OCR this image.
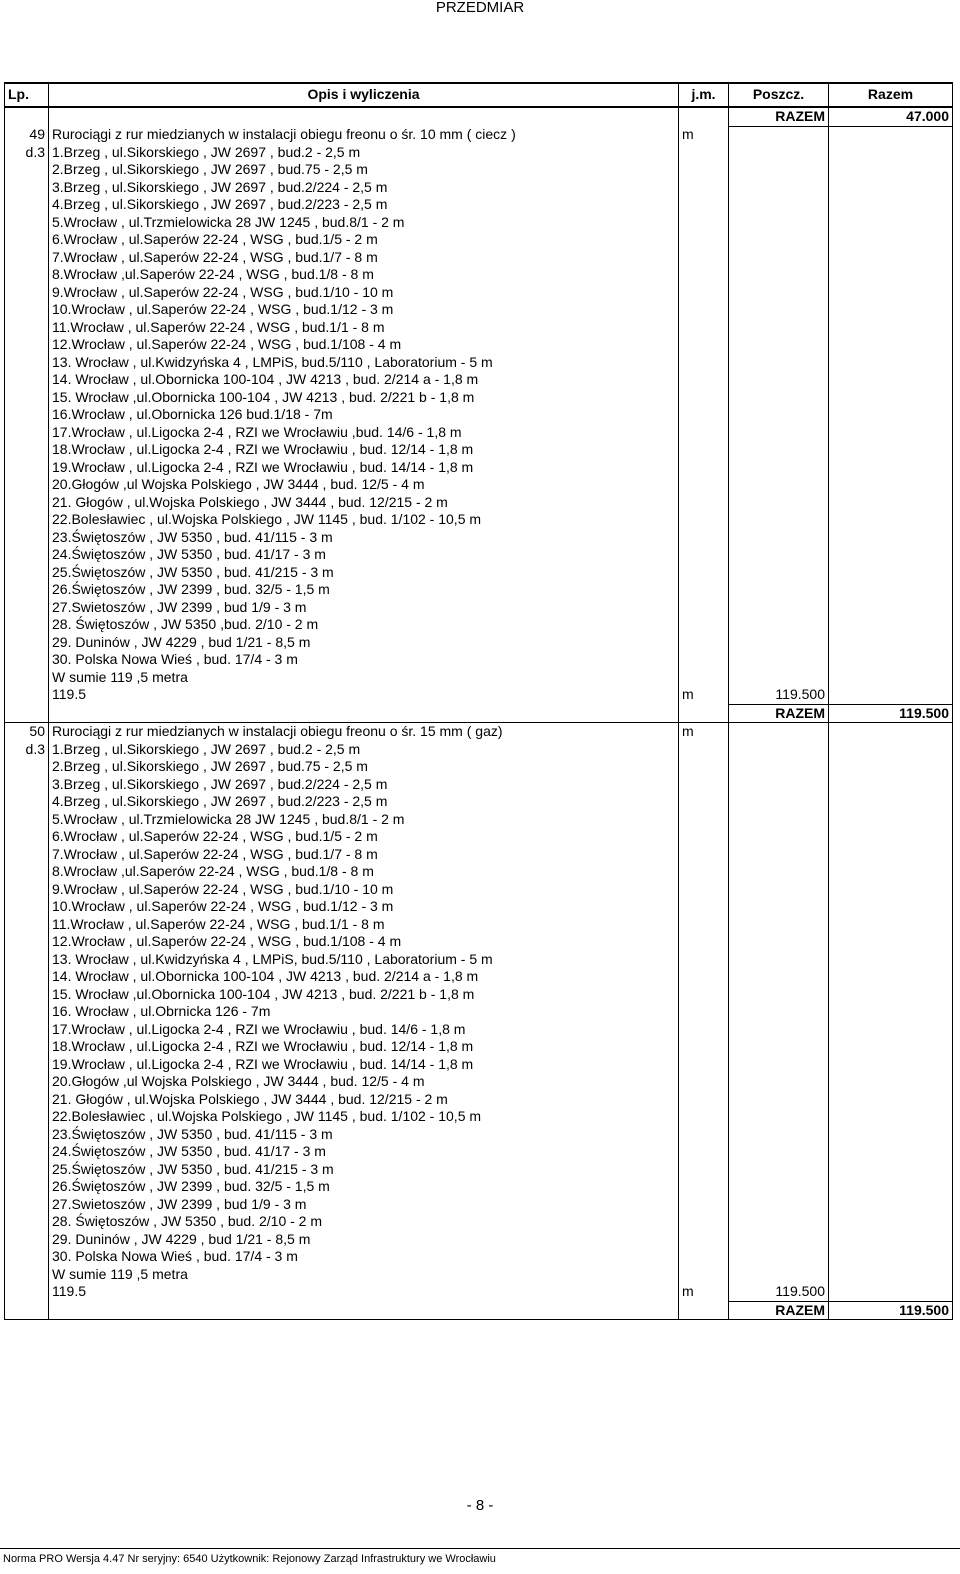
PRZEDMIAR
Lp.	Opis i wyliczenia	j.m.	Poszcz.	Razem
			RAZEM	47.000
49	Rurociągi z rur miedzianych w instalacji obiegu freonu o śr. 10 mm ( ciecz )	m		
d.3	1.Brzeg , ul.Sikorskiego , JW 2697 , bud.2 - 2,5 m			
	2.Brzeg , ul.Sikorskiego , JW 2697 , bud.75 - 2,5 m			
	3.Brzeg , ul.Sikorskiego , JW 2697 , bud.2/224 - 2,5 m			
	4.Brzeg , ul.Sikorskiego , JW 2697 , bud.2/223 - 2,5 m			
	5.Wrocław , ul.Trzmielowicka 28 JW 1245 , bud.8/1 - 2 m			
	6.Wrocław , ul.Saperów 22-24 , WSG , bud.1/5 - 2 m			
	7.Wrocław , ul.Saperów 22-24 , WSG , bud.1/7 - 8 m			
	8.Wrocław ,ul.Saperów 22-24 , WSG , bud.1/8 - 8 m			
	9.Wrocław , ul.Saperów 22-24 , WSG , bud.1/10 - 10 m			
	10.Wrocław , ul.Saperów 22-24 , WSG , bud.1/12 - 3 m			
	11.Wrocław , ul.Saperów 22-24 , WSG , bud.1/1 - 8 m			
	12.Wrocław , ul.Saperów 22-24 , WSG , bud.1/108 - 4 m			
	13. Wrocław , ul.Kwidzyńska 4 , LMPiS, bud.5/110 , Laboratorium - 5 m			
	14. Wrocław , ul.Obornicka 100-104 , JW 4213 , bud. 2/214 a - 1,8 m			
	15. Wrocław ,ul.Obornicka 100-104 , JW 4213 , bud. 2/221 b - 1,8 m			
	16.Wrocław , ul.Obornicka 126 bud.1/18 - 7m			
	17.Wrocław , ul.Ligocka 2-4 , RZI we Wrocławiu ,bud. 14/6 - 1,8 m			
	18.Wrocław , ul.Ligocka 2-4 , RZI we Wrocławiu , bud. 12/14 - 1,8 m			
	19.Wrocław , ul.Ligocka 2-4 , RZI we Wrocławiu , bud. 14/14 - 1,8 m			
	20.Głogów ,ul Wojska Polskiego , JW 3444 , bud. 12/5 - 4 m			
	21. Głogów , ul.Wojska Polskiego , JW 3444 , bud. 12/215 - 2 m			
	22.Bolesławiec , ul.Wojska Polskiego , JW 1145 , bud. 1/102 - 10,5 m			
	23.Świętoszów , JW 5350 , bud. 41/115 - 3 m			
	24.Świętoszów , JW 5350 , bud. 41/17 - 3 m			
	25.Świętoszów , JW 5350 , bud. 41/215 - 3 m			
	26.Świętoszów , JW 2399 , bud. 32/5 - 1,5 m			
	27.Swietoszów , JW 2399 , bud 1/9 - 3 m			
	28. Świętoszów , JW 5350 ,bud. 2/10 - 2 m			
	29. Duninów , JW 4229 , bud 1/21 - 8,5 m			
	30. Polska Nowa Wieś , bud. 17/4 - 3 m			
	W sumie 119 ,5 metra			
	119.5	m	119.500	
			RAZEM	119.500
50	Rurociągi z rur miedzianych w instalacji obiegu freonu o śr. 15 mm ( gaz)	m		
d.3	1.Brzeg , ul.Sikorskiego , JW 2697 , bud.2 - 2,5 m			
	2.Brzeg , ul.Sikorskiego , JW 2697 , bud.75 - 2,5 m			
	3.Brzeg , ul.Sikorskiego , JW 2697 , bud.2/224 - 2,5 m			
	4.Brzeg , ul.Sikorskiego , JW 2697 , bud.2/223 - 2,5 m			
	5.Wrocław , ul.Trzmielowicka 28 JW 1245 , bud.8/1 - 2 m			
	6.Wrocław , ul.Saperów 22-24 , WSG , bud.1/5 - 2 m			
	7.Wrocław , ul.Saperów 22-24 , WSG , bud.1/7 - 8 m			
	8.Wrocław ,ul.Saperów 22-24 , WSG , bud.1/8 - 8 m			
	9.Wrocław , ul.Saperów 22-24 , WSG , bud.1/10 - 10 m			
	10.Wrocław , ul.Saperów 22-24 , WSG , bud.1/12 - 3 m			
	11.Wrocław , ul.Saperów 22-24 , WSG , bud.1/1 - 8 m			
	12.Wrocław , ul.Saperów 22-24 , WSG , bud.1/108 - 4 m			
	13. Wrocław , ul.Kwidzyńska 4 , LMPiS, bud.5/110 , Laboratorium - 5 m			
	14. Wrocław , ul.Obornicka 100-104 , JW 4213 , bud. 2/214 a - 1,8 m			
	15. Wrocław ,ul.Obornicka 100-104 , JW 4213 , bud. 2/221 b - 1,8 m			
	16. Wrocław , ul.Obrnicka 126 - 7m			
	17.Wrocław , ul.Ligocka 2-4 , RZI we Wrocławiu , bud. 14/6 - 1,8 m			
	18.Wrocław , ul.Ligocka 2-4 , RZI we Wrocławiu , bud. 12/14 - 1,8 m			
	19.Wrocław , ul.Ligocka 2-4 , RZI we Wrocławiu , bud. 14/14 - 1,8 m			
	20.Głogów ,ul Wojska Polskiego , JW 3444 , bud. 12/5 - 4 m			
	21. Głogów , ul.Wojska Polskiego , JW 3444 , bud. 12/215 - 2 m			
	22.Bolesławiec , ul.Wojska Polskiego , JW 1145 , bud. 1/102 - 10,5 m			
	23.Świętoszów , JW 5350 , bud. 41/115 - 3 m			
	24.Świętoszów , JW 5350 , bud. 41/17 - 3 m			
	25.Świętoszów , JW 5350 , bud. 41/215 - 3 m			
	26.Świętoszów , JW 2399 , bud. 32/5 - 1,5 m			
	27.Swietoszów , JW 2399 , bud 1/9 - 3 m			
	28. Świętoszów , JW 5350 , bud. 2/10 - 2 m			
	29. Duninów , JW 4229 , bud 1/21 - 8,5 m			
	30. Polska Nowa Wieś , bud. 17/4 - 3 m			
	W sumie 119 ,5 metra			
	119.5	m	119.500	
			RAZEM	119.500
- 8 -
Norma PRO Wersja 4.47 Nr seryjny: 6540 Użytkownik: Rejonowy Zarząd Infrastruktury we Wrocławiu
